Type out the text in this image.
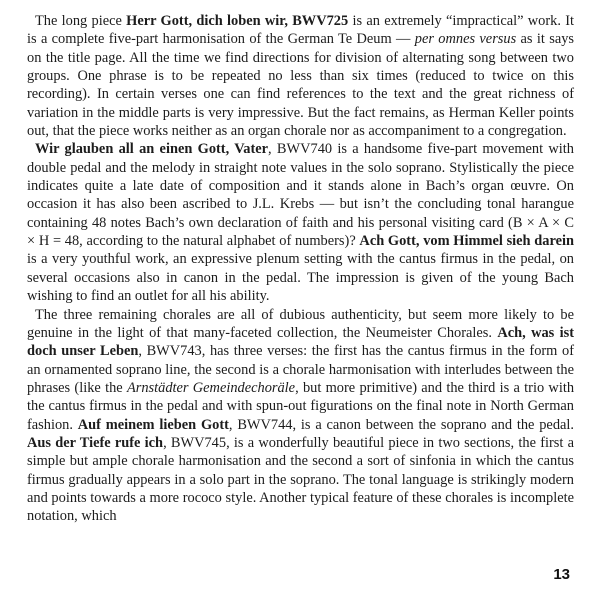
The long piece Herr Gott, dich loben wir, BWV725 is an extremely “impractical” work. It is a complete five-part harmonisation of the German Te Deum — per omnes versus as it says on the title page. All the time we find directions for division of alternating song between two groups. One phrase is to be repeated no less than six times (reduced to twice on this recording). In certain verses one can find references to the text and the great richness of variation in the middle parts is very impressive. But the fact remains, as Herman Keller points out, that the piece works neither as an organ chorale nor as accompaniment to a congregation.

Wir glauben all an einen Gott, Vater, BWV740 is a handsome five-part movement with double pedal and the melody in straight note values in the solo soprano. Stylistically the piece indicates quite a late date of composition and it stands alone in Bach’s organ œuvre. On occasion it has also been ascribed to J.L. Krebs — but isn’t the concluding tonal harangue containing 48 notes Bach’s own declaration of faith and his personal visiting card (B × A × C × H = 48, according to the natural alphabet of numbers)? Ach Gott, vom Himmel sieh darein is a very youthful work, an expressive plenum setting with the cantus firmus in the pedal, on several occasions also in canon in the pedal. The impression is given of the young Bach wishing to find an outlet for all his ability.

The three remaining chorales are all of dubious authenticity, but seem more likely to be genuine in the light of that many-faceted collection, the Neumeister Chorales. Ach, was ist doch unser Leben, BWV743, has three verses: the first has the cantus firmus in the form of an ornamented soprano line, the second is a chorale harmonisation with interludes between the phrases (like the Arnstädter Gemeindechoräle, but more primitive) and the third is a trio with the cantus firmus in the pedal and with spun-out figurations on the final note in North German fashion. Auf meinem lieben Gott, BWV744, is a canon between the soprano and the pedal. Aus der Tiefe rufe ich, BWV745, is a wonderfully beautiful piece in two sections, the first a simple but ample chorale harmonisation and the second a sort of sinfonia in which the cantus firmus gradually appears in a solo part in the soprano. The tonal language is strikingly modern and points towards a more rococo style. Another typical feature of these chorales is incomplete notation, which

13
